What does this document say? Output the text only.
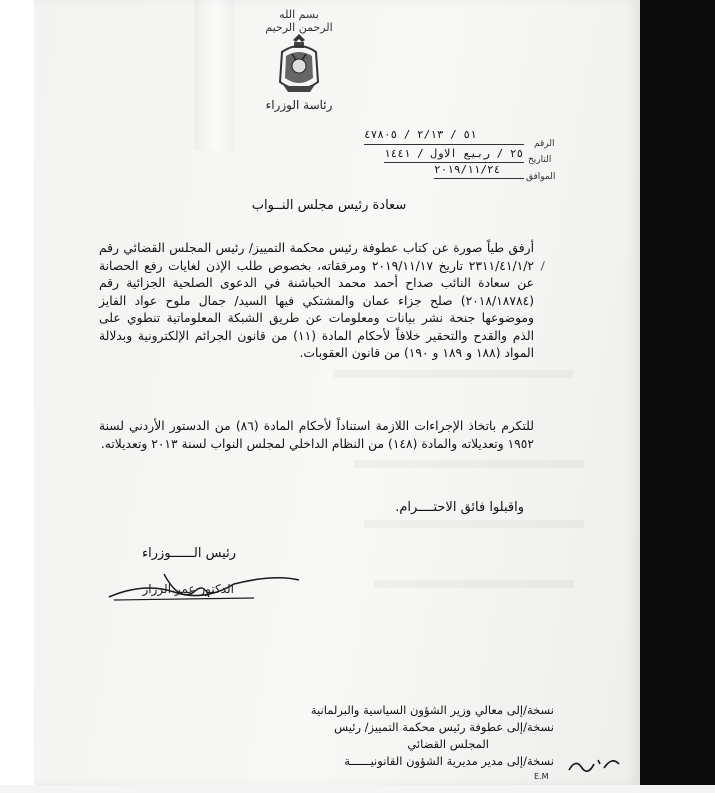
بسم الله الرحمن الرحيم
رئاسة الوزراء
الرقم
٥١ / ٢/١٣ / ٤٧٨٠٥
التاريخ
٢٥ / ربيع الاول / ١٤٤١
الموافق
٢٠١٩/١١/٢٤
سعادة رئيس مجلس النــواب
أرفق طياً صورة عن كتاب عطوفة رئيس محكمة التمييز/ رئيس المجلس القضائي رقم ٢٣١١/٤١/١/٢ تاريخ ٢٠١٩/١١/١٧ ومرفقاته، بخصوص طلب الإذن لغايات رفع الحصانة عن سعادة النائب صداح أحمد محمد الحباشنة في الدعوى الصلحية الجزائية رقم (٢٠١٨/١٨٧٨٤) صلح جزاء عمان والمشتكي فيها السيد/ جمال ملوح عواد الفايز وموضوعها جنحة نشر بيانات ومعلومات عن طريق الشبكة المعلوماتية تنطوي على الذم والقدح والتحقير خلافاً لأحكام المادة (١١) من قانون الجرائم الإلكترونية وبدلالة المواد (١٨٨ و ١٨٩ و ١٩٠) من قانون العقوبات.
للتكرم باتخاذ الإجراءات اللازمة استناداً لأحكام المادة (٨٦) من الدستور الأردني لسنة ١٩٥٢ وتعديلاته والمادة (١٤٨) من النظام الداخلي لمجلس النواب لسنة ٢٠١٣ وتعديلاته.
واقبلوا فائق الاحتــــرام.
رئيس الــــــوزراء
الدكتور عمر الرزاز
نسخة/إلى معالي وزير الشؤون السياسية والبرلمانية
نسخة/إلى عطوفة رئيس محكمة التمييز/ رئيس
المجلس القضائي
نسخة/إلى مدير مديرية الشؤون القانونيــــــة
E.M
